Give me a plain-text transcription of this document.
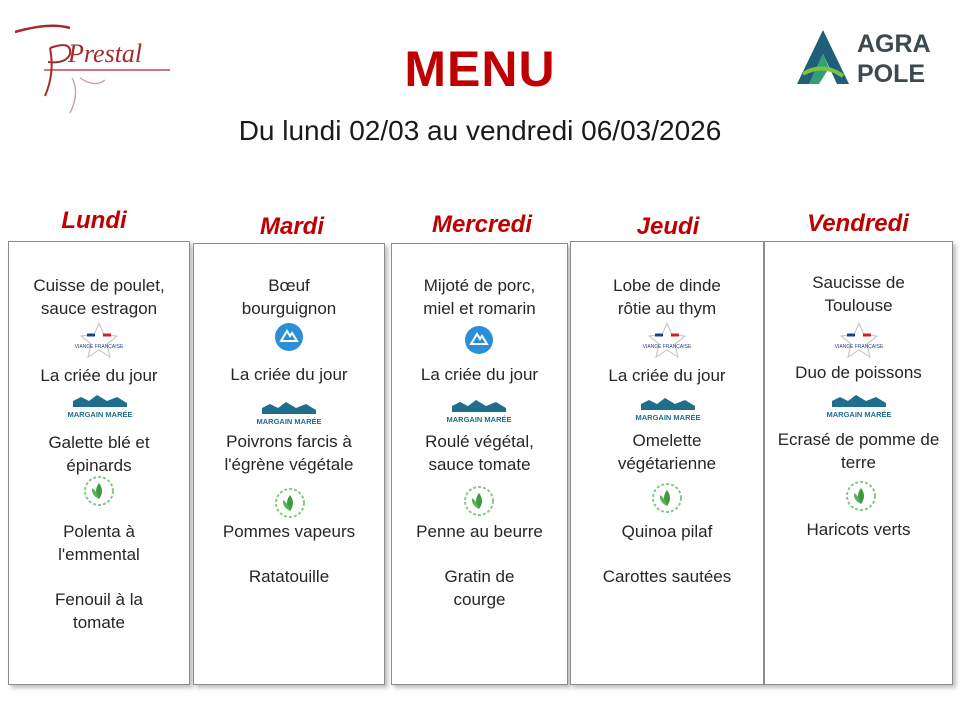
Prestal	AGRA
POLE
MENU
Du lundi 02/03 au vendredi 06/03/2026
Lundi	Mardi	Mercredi	Jeudi	Vendredi
Cuisse de poulet, sauce estragon
VIANDE FRANÇAISE
La criée du jour
MARGAIN MARÉE
Galette blé et épinards
Polenta à l'emmental
Fenouil à la tomate
Bœuf bourguignon
La criée du jour
MARGAIN MARÉE
Poivrons farcis à l'égrène végétale
Pommes vapeurs
Ratatouille
Mijoté de porc, miel et romarin
La criée du jour
MARGAIN MARÉE
Roulé végétal, sauce tomate
Penne au beurre
Gratin de courge
Lobe de dinde rôtie au thym
VIANDE FRANÇAISE
La criée du jour
MARGAIN MARÉE
Omelette végétarienne
Quinoa pilaf
Carottes sautées
Saucisse de Toulouse
VIANDE FRANÇAISE
Duo de poissons
MARGAIN MARÉE
Ecrasé de pomme de terre
Haricots verts
